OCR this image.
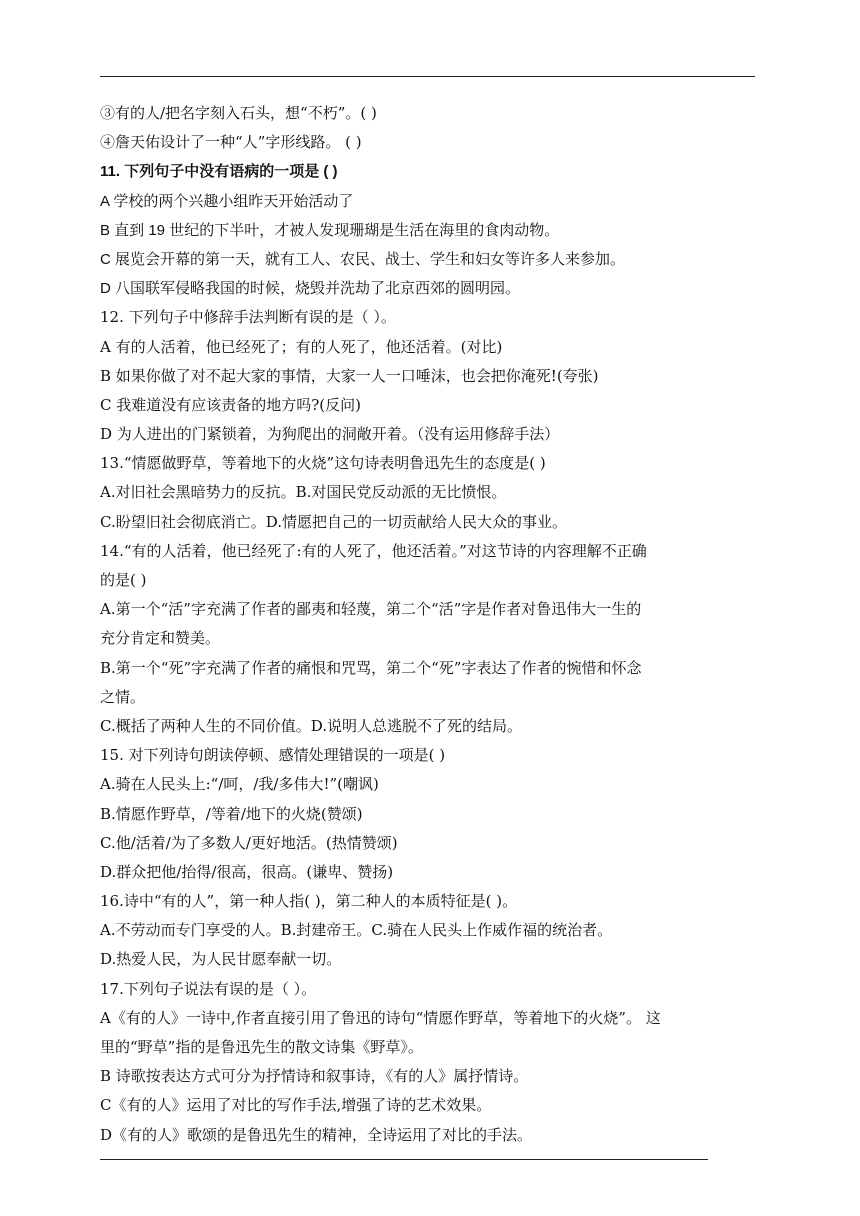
③有的人/把名字刻入石头，想“不朽”。( )
④詹天佑设计了一种“人”字形线路。 ( )
11. 下列句子中没有语病的一项是 ( )
A 学校的两个兴趣小组昨天开始活动了
B 直到 19 世纪的下半叶，才被人发现珊瑚是生活在海里的食肉动物。
C 展览会开幕的第一天，就有工人、农民、战士、学生和妇女等许多人来参加。
D 八国联军侵略我国的时候，烧毁并洗劫了北京西郊的圆明园。
12. 下列句子中修辞手法判断有误的是（ ）。
A 有的人活着，他已经死了；有的人死了，他还活着。(对比)
B 如果你做了对不起大家的事情，大家一人一口唾沫，也会把你淹死!(夸张)
C 我难道没有应该责备的地方吗?(反问)
D 为人进出的门紧锁着，为狗爬出的洞敞开着。（没有运用修辞手法）
13.“情愿做野草，等着地下的火烧”这句诗表明鲁迅先生的态度是( )
A.对旧社会黑暗势力的反抗。B.对国民党反动派的无比愤恨。
C.盼望旧社会彻底消亡。D.情愿把自己的一切贡献给人民大众的事业。
14.“有的人活着，他已经死了:有的人死了，他还活着。”对这节诗的内容理解不正确
的是( )
A.第一个“活”字充满了作者的鄙夷和轻蔑，第二个“活”字是作者对鲁迅伟大一生的
充分肯定和赞美。
B.第一个“死”字充满了作者的痛恨和咒骂，第二个“死”字表达了作者的惋惜和怀念
之情。
C.概括了两种人生的不同价值。D.说明人总逃脱不了死的结局。
15. 对下列诗句朗读停顿、感情处理错误的一项是( )
A.骑在人民头上:“/呵，/我/多伟大!”(嘲讽)
B.情愿作野草，/等着/地下的火烧(赞颂)
C.他/活着/为了多数人/更好地活。(热情赞颂)
D.群众把他/抬得/很高，很高。(谦卑、赞扬)
16.诗中“有的人”，第一种人指( )，第二种人的本质特征是( )。
A.不劳动而专门享受的人。B.封建帝王。C.骑在人民头上作威作福的统治者。
D.热爱人民，为人民甘愿奉献一切。
17.下列句子说法有误的是（ ）。
A《有的人》一诗中,作者直接引用了鲁迅的诗句“情愿作野草，等着地下的火烧”。 这
里的“野草”指的是鲁迅先生的散文诗集《野草》。
B 诗歌按表达方式可分为抒情诗和叙事诗，《有的人》属抒情诗。
C《有的人》运用了对比的写作手法,增强了诗的艺术效果。
D《有的人》歌颂的是鲁迅先生的精神，全诗运用了对比的手法。
